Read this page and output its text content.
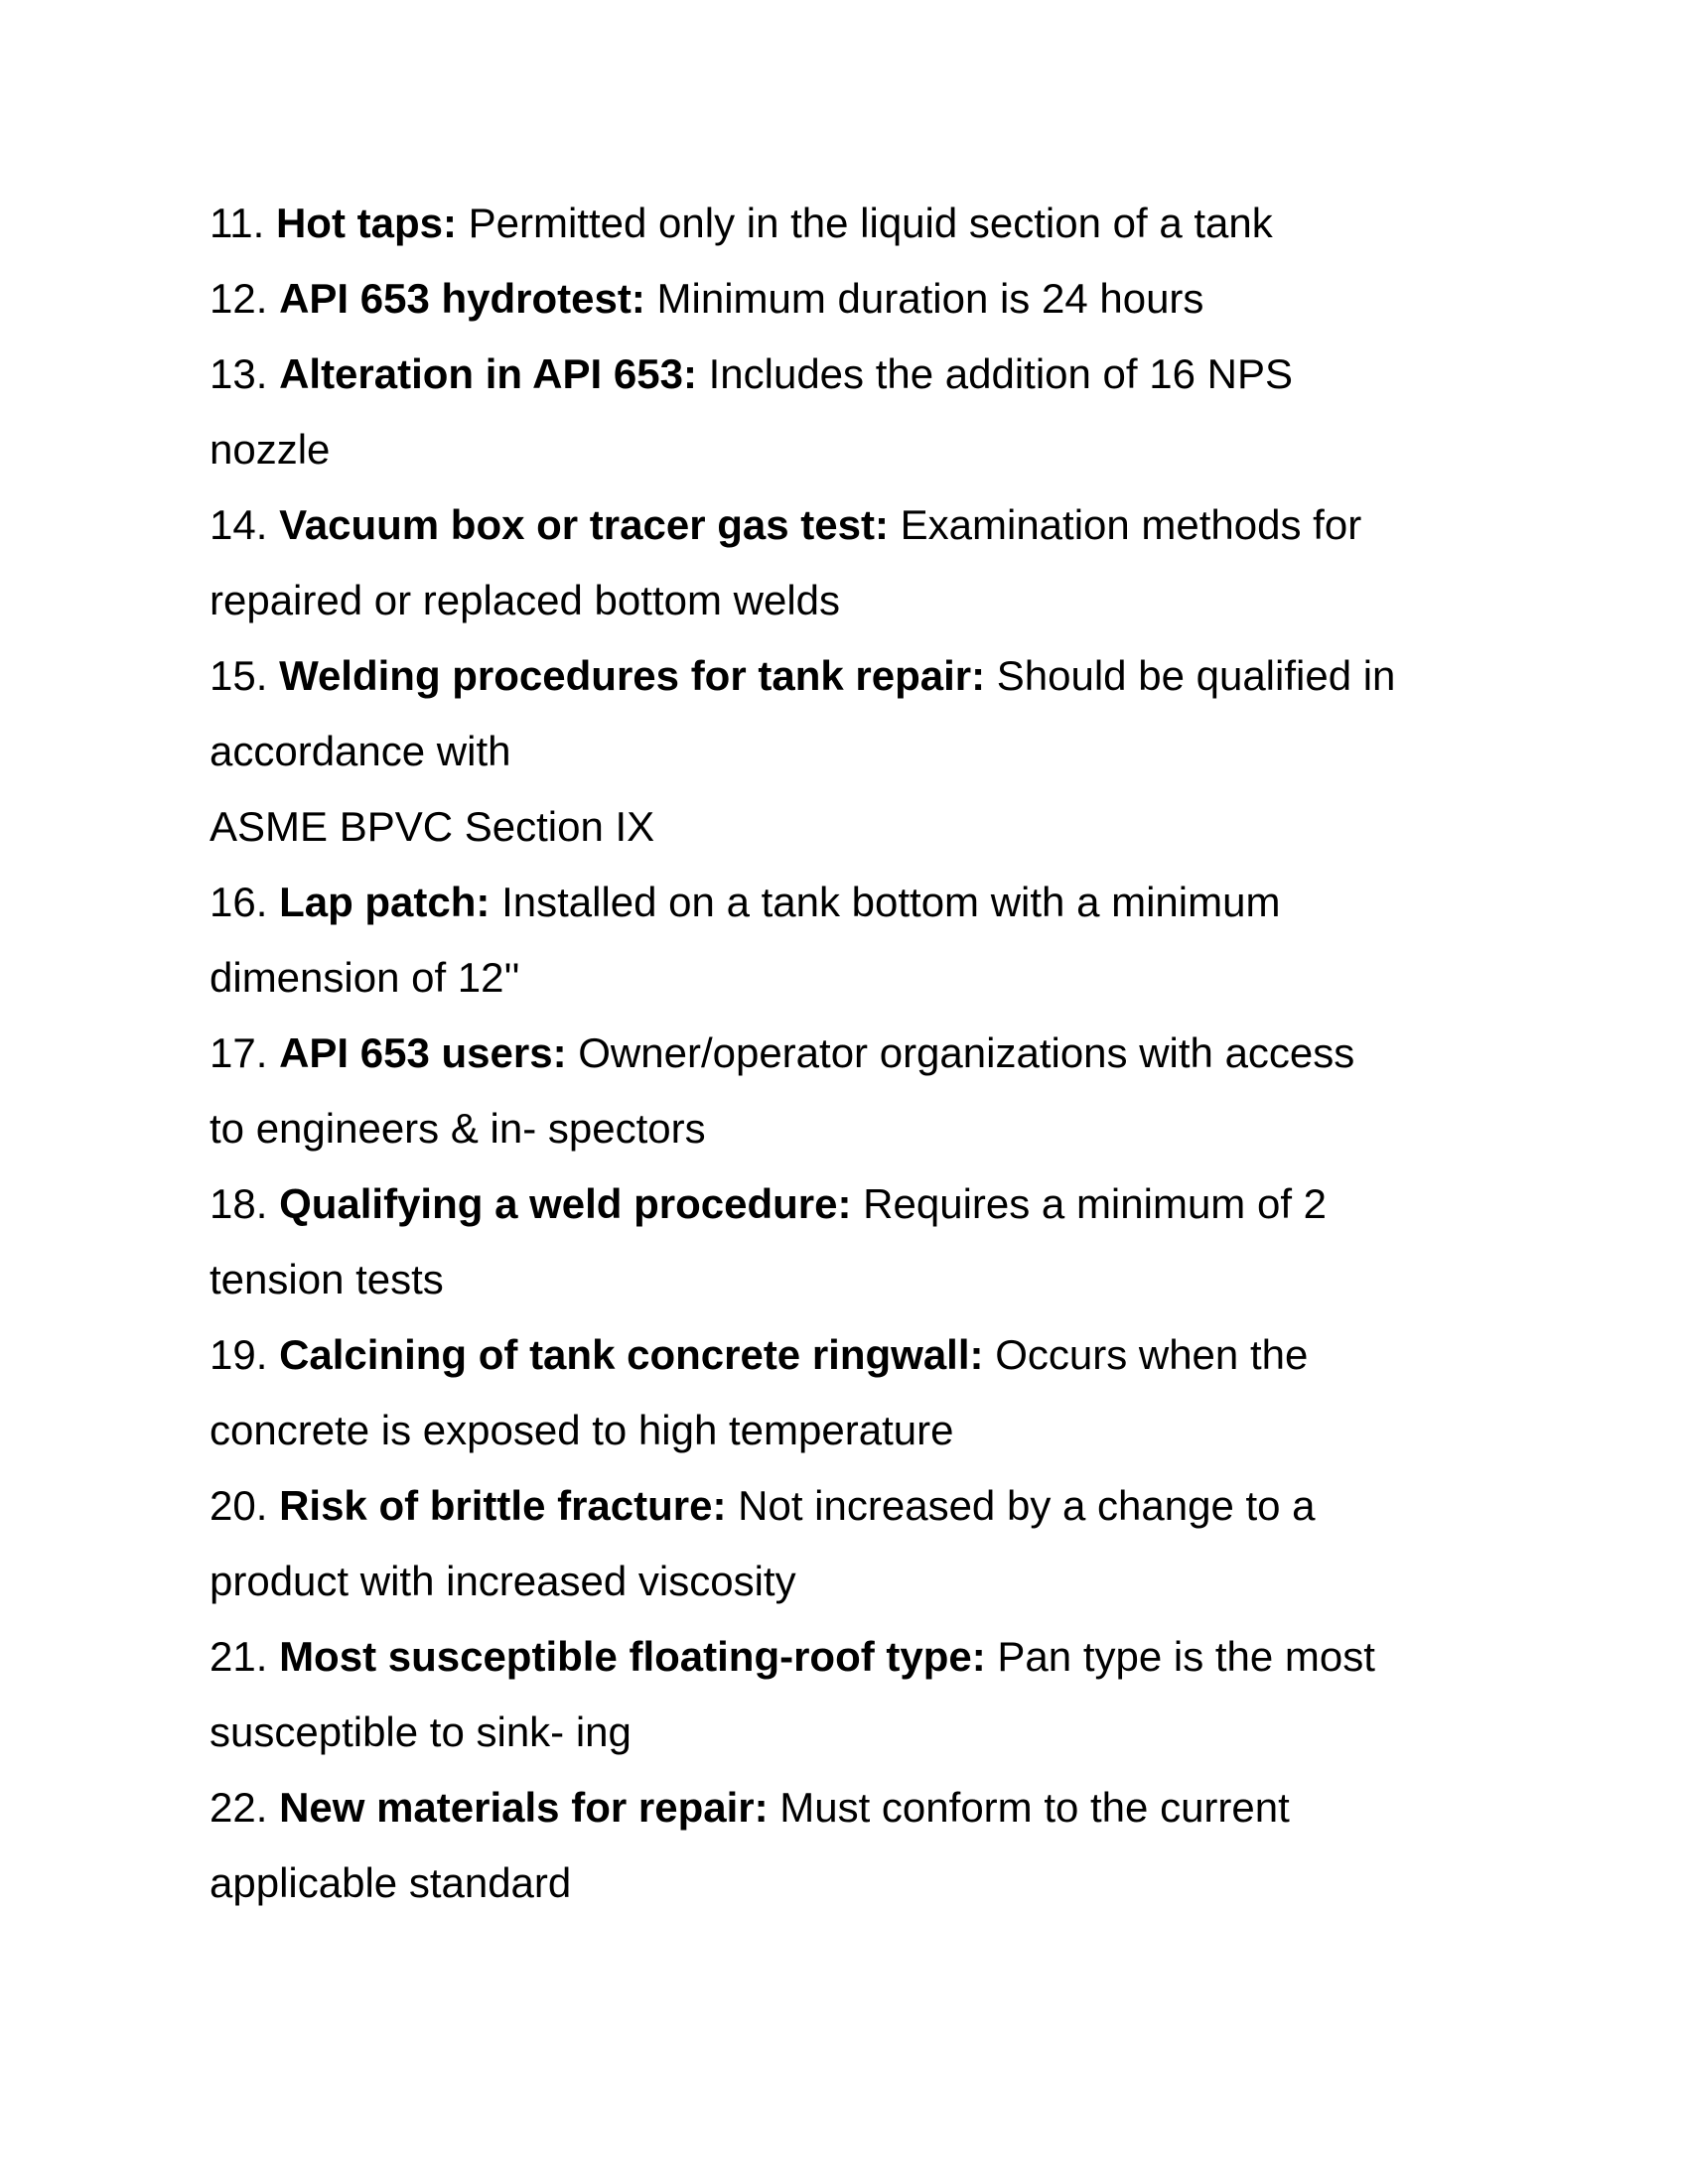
11. Hot taps: Permitted only in the liquid section of a tank
12. API 653 hydrotest: Minimum duration is 24 hours
13. Alteration in API 653: Includes the addition of 16 NPS
nozzle
14. Vacuum box or tracer gas test: Examination methods for
repaired or replaced bottom welds
15. Welding procedures for tank repair: Should be qualified in
accordance with
ASME BPVC Section IX
16. Lap patch: Installed on a tank bottom with a minimum
dimension of 12''
17. API 653 users: Owner/operator organizations with access
to engineers & in- spectors
18. Qualifying a weld procedure: Requires a minimum of 2
tension tests
19. Calcining of tank concrete ringwall: Occurs when the
concrete is exposed to high temperature
20. Risk of brittle fracture: Not increased by a change to a
product with increased viscosity
21. Most susceptible floating-roof type: Pan type is the most
susceptible to sink- ing
22. New materials for repair: Must conform to the current
applicable standard
